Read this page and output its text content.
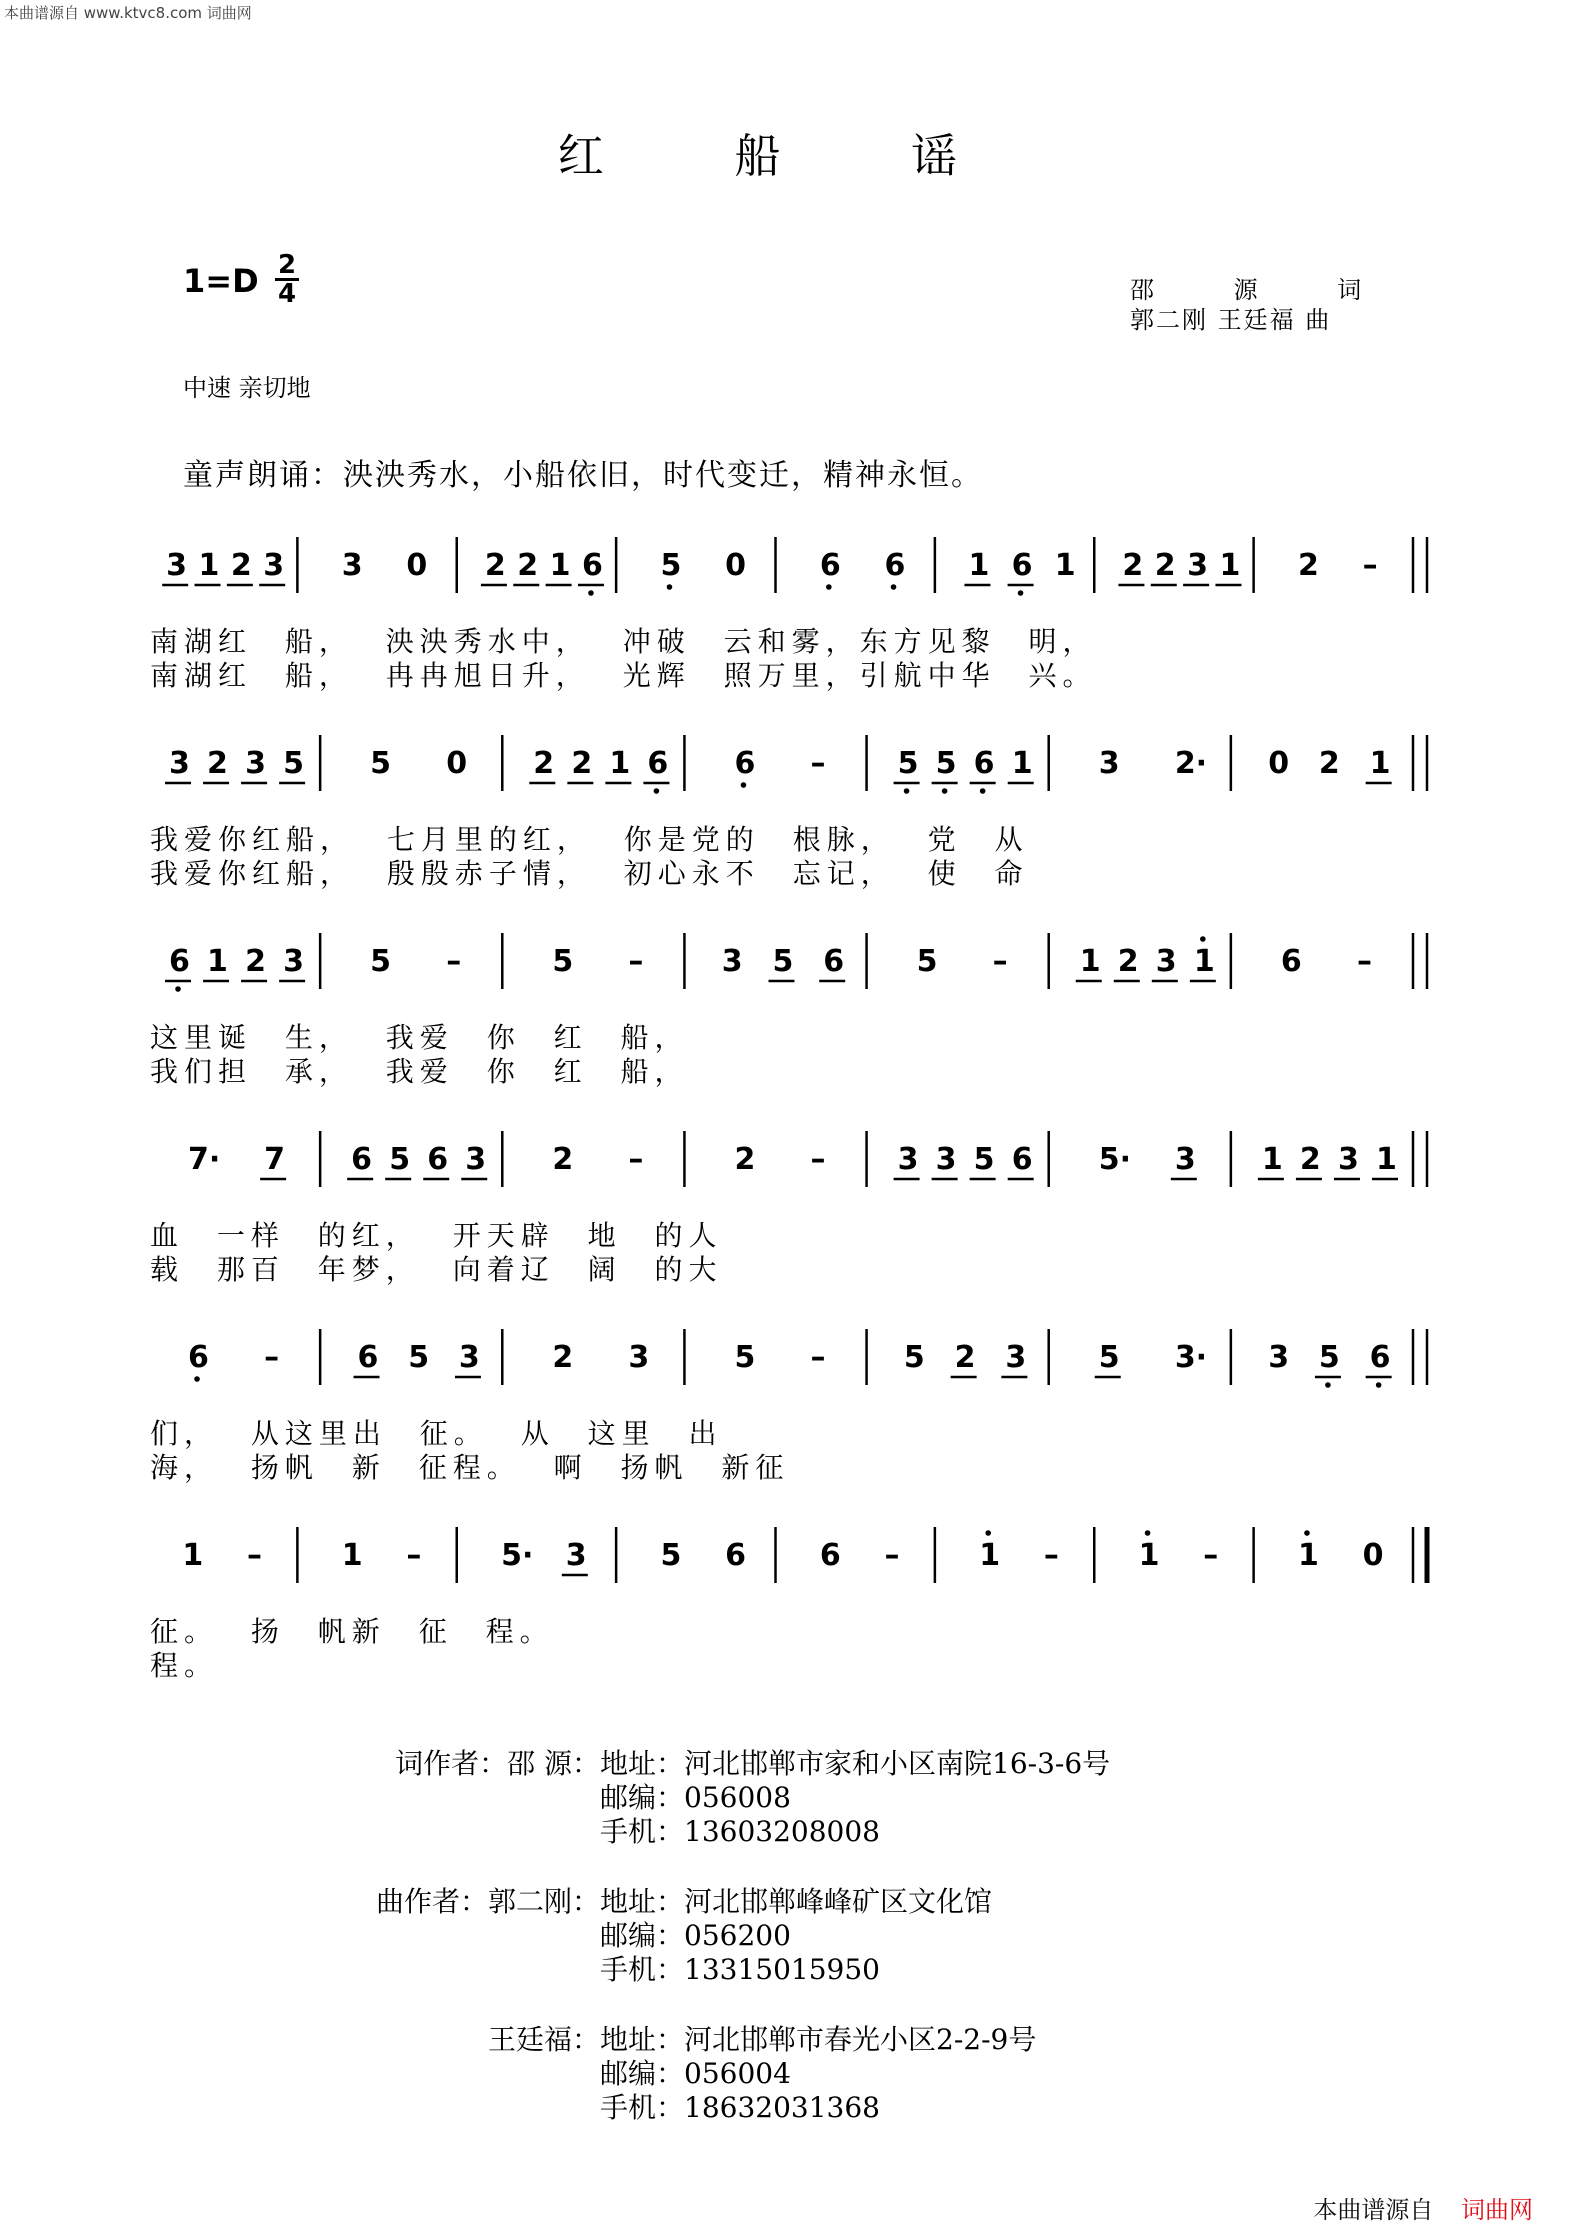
本曲谱源自 www.ktvc8.com 词曲网
本曲谱源自 词曲网
红 船 谣
1=D 2
4	邵 源 词
郭二刚 王廷福 曲
中速 亲切地
童声朗诵：泱泱秀水，小船依旧，时代变迁，精神永恒。
3 1 2 3 3 0 2 2 1 6 5 0 6 6 1 6 1 2 2 3 1 2 –
南湖红 船， 泱泱秀水中， 冲破 云和雾，东方见黎 明，
南湖红 船， 冉冉旭日升， 光辉 照万里，引航中华 兴。
3 2 3 5 5 0 2 2 1 6 6 – 5 5 6 1 3 2· 0 2 1
我爱你红船， 七月里的红， 你是党的 根脉， 党 从
我爱你红船， 殷殷赤子情， 初心永不 忘记， 使 命
6 1 2 3 5 –	5 –	3 5 6 5 – 1 2 3 1 6 –
这里诞 生， 我爱 你 红 船，
我们担 承， 我爱 你 红 船，
7· 7 6 5 6 3 2 –	2 – 3 3 5 6 5· 3 1 2 3 1
血 一样 的红， 开天辟 地 的人
载 那百 年梦， 向着辽 阔 的大
6 –	6 5 3 2 3	5 –	5 2 3 5 3· 3 5 6
们， 从这里出 征。 从 这里 出
海， 扬帆 新 征程。 啊 扬帆 新征
1 –	1 –	5· 3 5 6 6 –	1 –	1 –	1 0
征。 扬 帆新 征 程。
程。
词作者：邵 源： 地址：河北邯郸市家和小区南院16-3-6号
邮编：056008
手机：13603208008
曲作者：郭二刚： 地址：河北邯郸峰峰矿区文化馆
邮编：056200
手机：13315015950
王廷福： 地址：河北邯郸市春光小区2-2-9号
邮编：056004
手机：18632031368
